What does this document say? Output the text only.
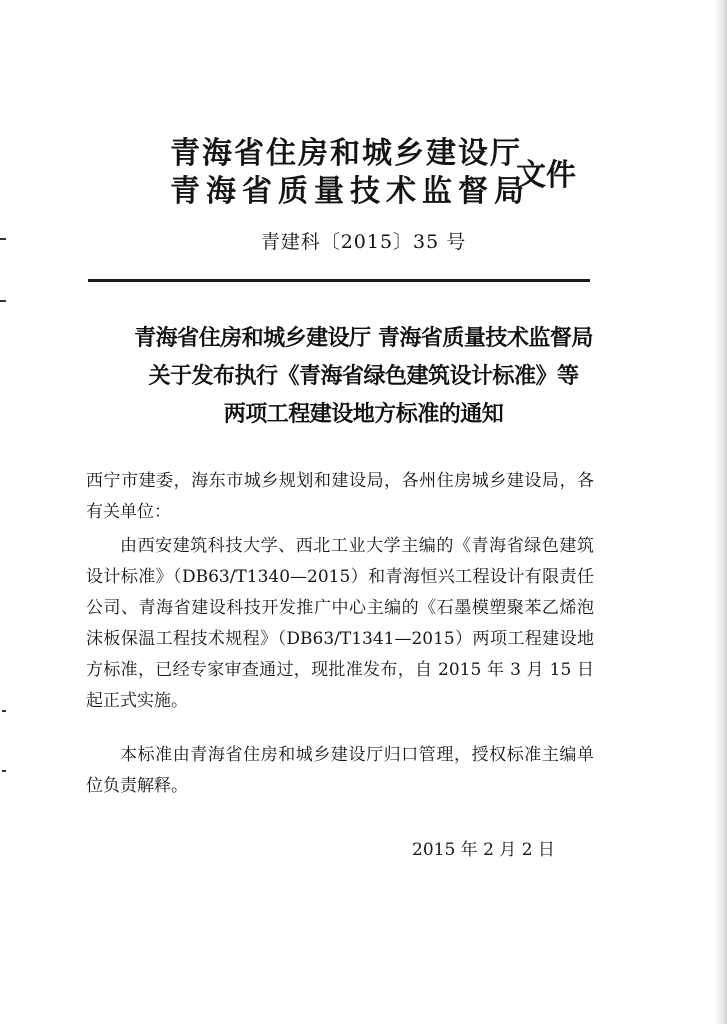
青海省住房和城乡建设厅
青海省质量技术监督局
文件
青建科〔2015〕35 号
青海省住房和城乡建设厅 青海省质量技术监督局
关于发布执行《青海省绿色建筑设计标准》等
两项工程建设地方标准的通知
西宁市建委，海东市城乡规划和建设局，各州住房城乡建设局，各有关单位：
由西安建筑科技大学、西北工业大学主编的《青海省绿色建筑设计标准》（DB63/T1340—2015）和青海恒兴工程设计有限责任公司、青海省建设科技开发推广中心主编的《石墨模塑聚苯乙烯泡沫板保温工程技术规程》（DB63/T1341—2015）两项工程建设地方标准，已经专家审查通过，现批准发布，自 2015 年 3 月 15 日起正式实施。
本标准由青海省住房和城乡建设厅归口管理，授权标准主编单位负责解释。
2015 年 2 月 2 日
